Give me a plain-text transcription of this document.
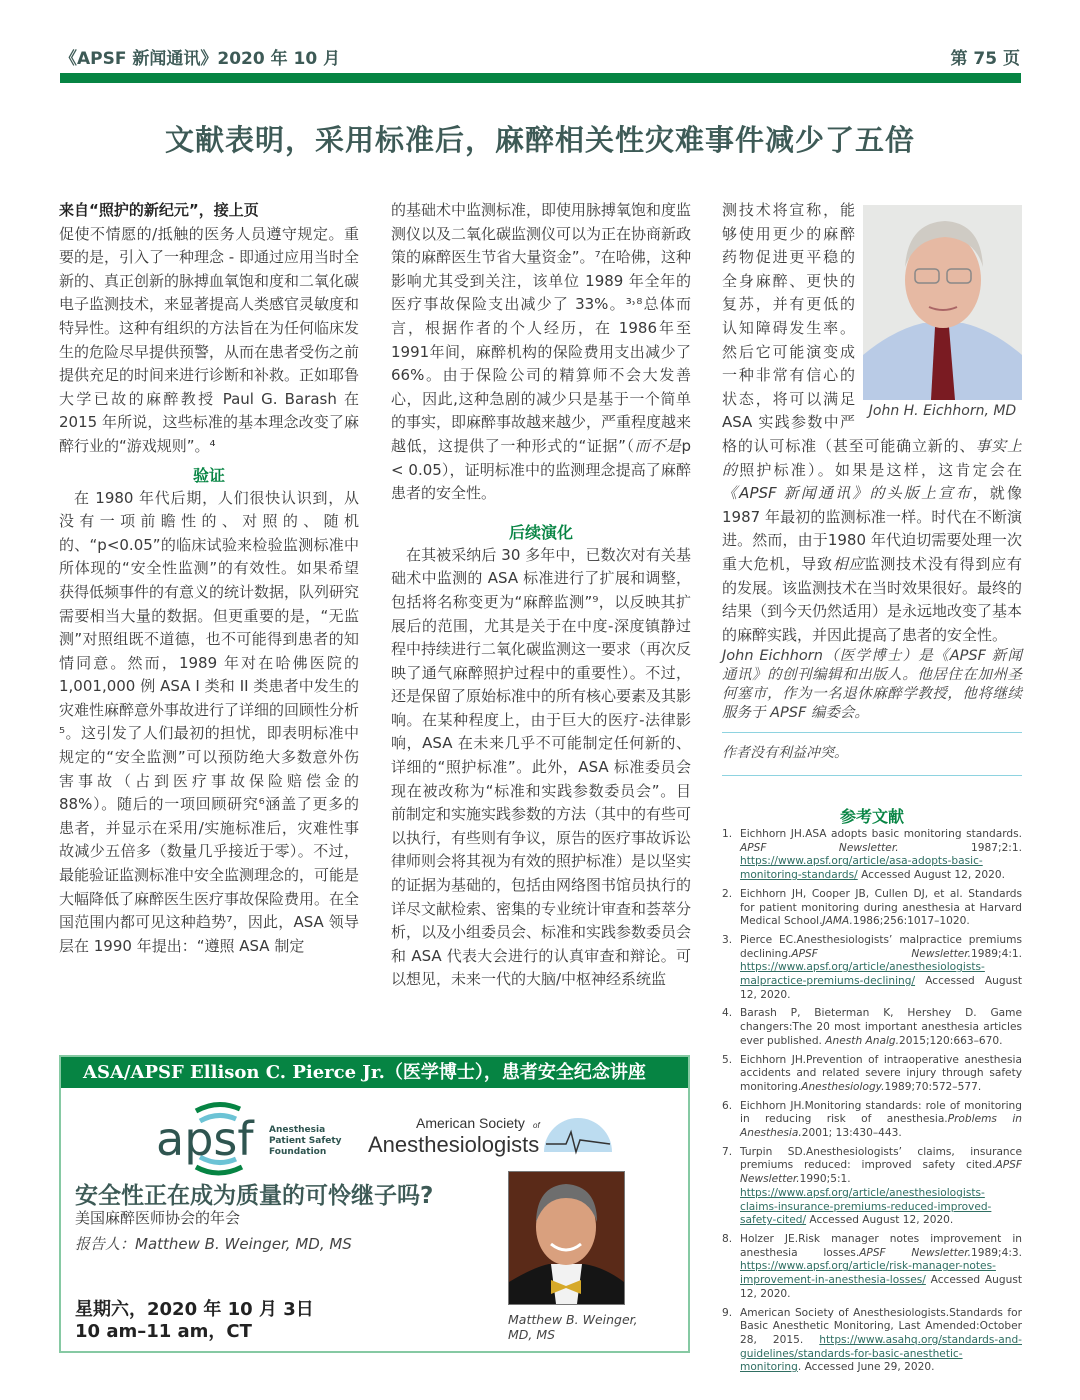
《APSF 新闻通讯》2020 年 10 月	第 75 页
文献表明，采用标准后，麻醉相关性灾难事件减少了五倍

来自“照护的新纪元”，接上页

促使不情愿的/抵触的医务人员遵守规定。重要的是，引入了一种理念 - 即通过应用当时全新的、真正创新的脉搏血氧饱和度和二氧化碳电子监测技术，来显著提高人类感官灵敏度和特异性。这种有组织的方法旨在为任何临床发生的危险尽早提供预警，从而在患者受伤之前提供充足的时间来进行诊断和补救。正如耶鲁大学已故的麻醉教授 Paul G. Barash 在 2015 年所说，这些标准的基本理念改变了麻醉行业的“游戏规则”。⁴

验证

在 1980 年代后期，人们很快认识到，从没有一项前瞻性的、对照的、随机的、“p<0.05”的临床试验来检验监测标准中所体现的“安全性监测”的有效性。如果希望获得低频事件的有意义的统计数据，队列研究需要相当大量的数据。但更重要的是，“无监测”对照组既不道德，也不可能得到患者的知情同意。然而，1989 年对在哈佛医院的 1,001,000 例 ASA I 类和 II 类患者中发生的灾难性麻醉意外事故进行了详细的回顾性分析⁵。这引发了人们最初的担忧，即表明标准中规定的“安全监测”可以预防绝大多数意外伤害事故（占到医疗事故保险赔偿金的 88%）。随后的一项回顾研究⁶涵盖了更多的患者，并显示在采用/实施标准后，灾难性事故减少五倍多（数量几乎接近于零）。不过，最能验证监测标准中安全监测理念的，可能是大幅降低了麻醉医生医疗事故保险费用。在全国范围内都可见这种趋势⁷，因此，ASA 领导层在 1990 年提出：“遵照 ASA 制定

的基础术中监测标准，即使用脉搏氧饱和度监测仪以及二氧化碳监测仪可以为正在协商新政策的麻醉医生节省大量资金”。⁷在哈佛，这种影响尤其受到关注，该单位 1989 年全年的医疗事故保险支出减少了 33%。³˒⁸总体而言，根据作者的个人经历，在 1986年至1991年间，麻醉机构的保险费用支出减少了 66%。由于保险公司的精算师不会大发善心，因此,这种急剧的减少只是基于一个简单的事实，即麻醉事故越来越少，严重程度越来越低，这提供了一种形式的“证据”（而不是p < 0.05），证明标准中的监测理念提高了麻醉患者的安全性。

后续演化

在其被采纳后 30 多年中，已数次对有关基础术中监测的 ASA 标准进行了扩展和调整，包括将名称变更为“麻醉监测”⁹，以反映其扩展后的范围，尤其是关于在中度-深度镇静过程中持续进行二氧化碳监测这一要求（再次反映了通气麻醉照护过程中的重要性）。不过，还是保留了原始标准中的所有核心要素及其影响。在某种程度上，由于巨大的医疗-法律影响，ASA 在未来几乎不可能制定任何新的、详细的“照护标准”。此外，ASA 标准委员会现在被改称为“标准和实践参数委员会”。目前制定和实施实践参数的方法（其中的有些可以执行，有些则有争议，原告的医疗事故诉讼律师则会将其视为有效的照护标准）是以坚实的证据为基础的，包括由网络图书馆员执行的详尽文献检索、密集的专业统计审查和荟萃分析，以及小组委员会、标准和实践参数委员会和 ASA 代表大会进行的认真审查和辩论。可以想见，未来一代的大脑/中枢神经系统监

John H. Eichhorn, MD

测技术将宣称，能够使用更少的麻醉药物促进更平稳的全身麻醉、更快的复苏，并有更低的认知障碍发生率。然后它可能演变成一种非常有信心的状态，将可以满足 ASA 实践参数中严格的认可标准（甚至可能确立新的、事实上的照护标准）。如果是这样，这肯定会在《APSF 新闻通讯》的头版上宣布，就像 1987 年最初的监测标准一样。时代在不断演进。然而，由于1980 年代迫切需要处理一次重大危机，导致相应监测技术没有得到应有的发展。该监测技术在当时效果很好。最终的结果（到今天仍然适用）是永远地改变了基本的麻醉实践，并因此提高了患者的安全性。

John Eichhorn（医学博士）是《APSF 新闻通讯》的创刊编辑和出版人。他居住在加州圣何塞市，作为一名退休麻醉学教授，他将继续服务于 APSF 编委会。

作者没有利益冲突。

参考文献
1. Eichhorn JH.ASA adopts basic monitoring standards. APSF Newsletter. 1987;2:1. https://www.apsf.org/article/asa-adopts-basic-monitoring-standards/ Accessed August 12, 2020.
2. Eichhorn JH, Cooper JB, Cullen DJ, et al. Standards for patient monitoring during anesthesia at Harvard Medical School.JAMA.1986;256:1017–1020.
3. Pierce EC.Anesthesiologists’ malpractice premiums declining.APSF Newsletter.1989;4:1. https://www.apsf.org/article/anesthesiologists-malpractice-premiums-declining/ Accessed August 12, 2020.
4. Barash P, Bieterman K, Hershey D. Game changers:The 20 most important anesthesia articles ever published. Anesth Analg.2015;120:663–670.
5. Eichhorn JH.Prevention of intraoperative anesthesia accidents and related severe injury through safety monitoring.Anesthesiology.1989;70:572–577.
6. Eichhorn JH.Monitoring standards: role of monitoring in reducing risk of anesthesia.Problems in Anesthesia.2001; 13:430–443.
7. Turpin SD.Anesthesiologists’ claims, insurance premiums reduced: improved safety cited.APSF Newsletter.1990;5:1. https://www.apsf.org/article/anesthesiologists-claims-insurance-premiums-reduced-improved-safety-cited/ Accessed August 12, 2020.
8. Holzer JE.Risk manager notes improvement in anesthesia losses.APSF Newsletter.1989;4:3. https://www.apsf.org/article/risk-manager-notes-improvement-in-anesthesia-losses/ Accessed August 12, 2020.
9. American Society of Anesthesiologists.Standards for Basic Anesthetic Monitoring, Last Amended:October 28, 2015. https://www.asahq.org/standards-and-guidelines/standards-for-basic-anesthetic-monitoring. Accessed June 29, 2020.
ASA/APSF Ellison C. Pierce Jr.（医学博士），患者安全纪念讲座
apsf Anesthesia
Patient Safety
Foundation
American Society of
Anesthesiologists
安全性正在成为质量的可怜继子吗?
美国麻醉医师协会的年会
报告人：Matthew B. Weinger, MD, MS
星期六，2020 年 10 月 3日
10 am–11 am，CT
Matthew B. Weinger, MD, MS
